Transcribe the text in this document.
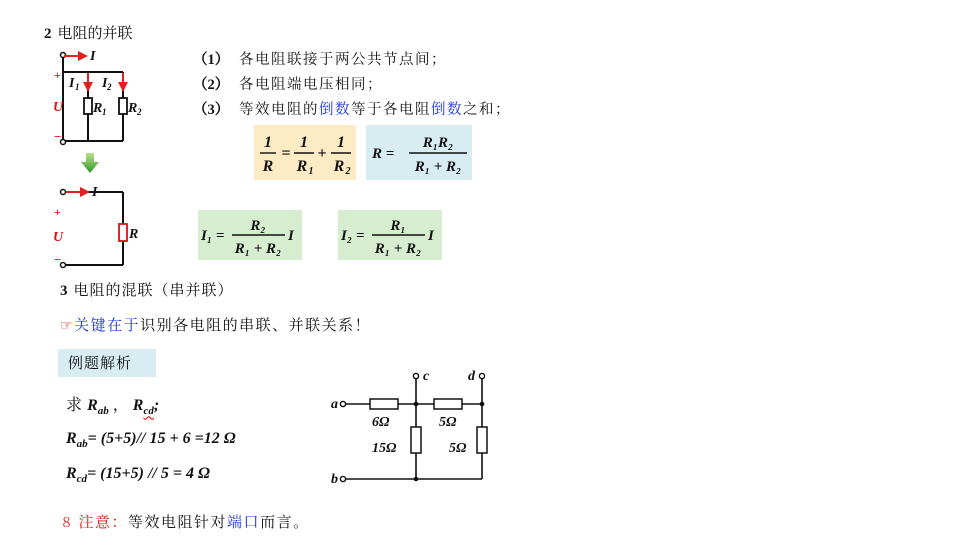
2 电阻的并联
I
I 1 I 2
R 1 R 2
+
U
−
I
R
+
U
−
（1） 各电阻联接于两公共节点间；
（2） 各电阻端电压相同；
（3） 等效电阻的倒数等于各电阻倒数之和；
1
R
=
1
R 1
+
1
R 2
R =
R₁R₂
R₁ + R₂
I₁ =
R₂
R₁ + R₂
I	I₂ =
R₁
R₁ + R₂
I
3 电阻的混联（串并联）
☞关键在于识别各电阻的串联、并联关系！
例题解析
求 $R_{ab}$ ， $R_{cd}$;
$R_{ab}= (5+5)//$ 15 + 6 =12 Ω
$R_{cd}= (15+5) // 5 = 4$ Ω
a
b
c	d
6Ω	5Ω
15Ω	5Ω
８ 注意：等效电阻针对端口而言。
